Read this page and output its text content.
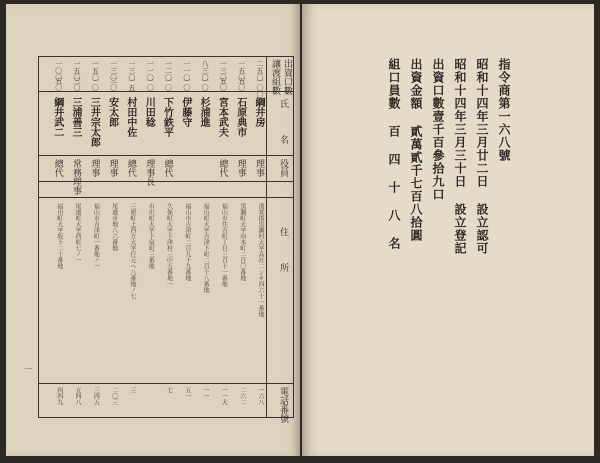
出資口數
讓渡組數
氏　　　名
役員
住　　　所
電話番號
二五〇
一〇〇
綱井房
理事
淺實郡黒瀬村大字高社二ンキ四六十一番地
一六八
一五〇
五〇
石原典市
理事
黒瀬町大字向本町二百〇番地
二六二
一三〇
五〇
宮本武夫
總代
福山市住吉町丁目三百十一番地
一一大
八三〇
一〇
杉浦進
福山町大字吉津下町二百十八番地
一一
一一〇
一〇
伊藤守
福山市吉津町二百九十九番地
五一
一二〇
一〇
下竹鉄平
總代
久保町大字下津村三中五番地一
七
一一〇
一〇
川田稔
理事長
市川町大字下宿町三番地
一三〇
一五
村田中佐
總代
三原町上西方大字行元ヘ八番地ノ七
三
一三〇
二〇
安太郎
理事
尾道市地八六番地
二〇三
一五〇
一〇
三井宗太郎
理事
福山市吉津町一番地ノ一
三四五
一五〇
三〇
三浦善三
常務理事
尾道町大字西町七ノ一
五四八
一〇〇
五〇
綱井武二
總代
福田町大字坂下二十番地
四四九
一
指令商第一六八號
昭和十四年三月廿二日 設立認可
昭和十四年三月三十日 設立登記
出資口數壹千百參拾九口
出資金額 貳萬貳千七百八拾圓
組口員數 百 四 十 八 名
